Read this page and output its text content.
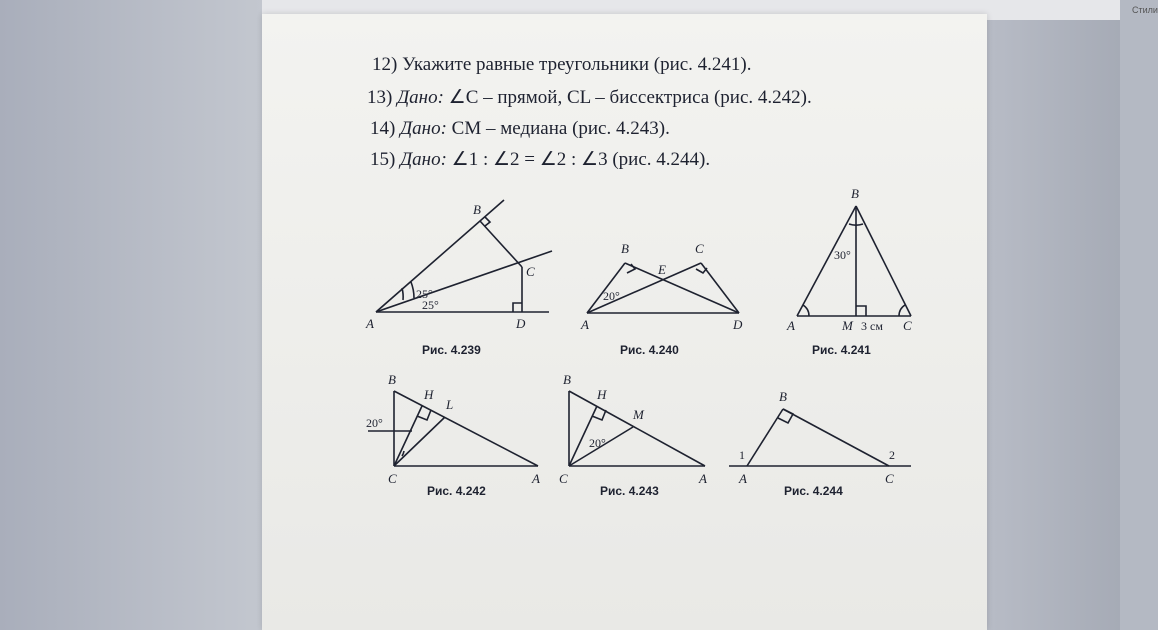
Стили
12) Укажите равные треугольники (рис. 4.241).
13) Дано: ∠C – прямой, CL – биссектриса (рис. 4.242).
14) Дано: CM – медиана (рис. 4.243).
15) Дано: ∠1 : ∠2 = ∠2 : ∠3 (рис. 4.244).
B
C
A	D
25°
25°
Рис. 4.239
B	C
E
A	D
20°
Рис. 4.240
B
A	M 3 см C
30°
Рис. 4.241
B
H
L
C	A
20°
Рис. 4.242
B
H
M
C	A
20°
Рис. 4.243
B
A	C
1	2
Рис. 4.244
